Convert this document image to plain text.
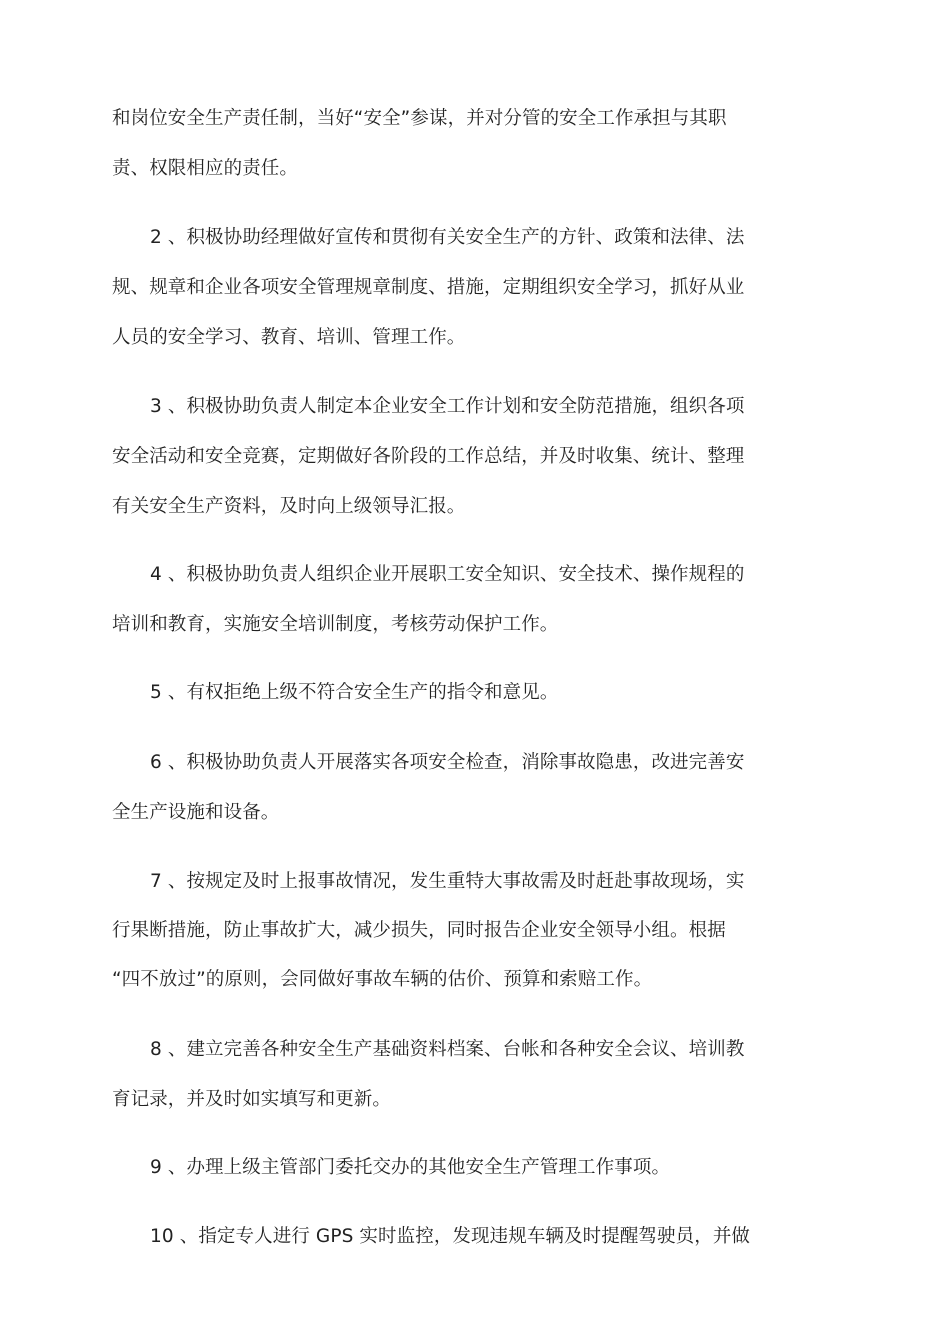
和岗位安全生产责任制，当好“安全”参谋，并对分管的安全工作承担与其职
责、权限相应的责任。
2 、积极协助经理做好宣传和贯彻有关安全生产的方针、政策和法律、法
规、规章和企业各项安全管理规章制度、措施，定期组织安全学习，抓好从业
人员的安全学习、教育、培训、管理工作。
3 、积极协助负责人制定本企业安全工作计划和安全防范措施，组织各项
安全活动和安全竞赛，定期做好各阶段的工作总结，并及时收集、统计、整理
有关安全生产资料，及时向上级领导汇报。
4 、积极协助负责人组织企业开展职工安全知识、安全技术、操作规程的
培训和教育，实施安全培训制度，考核劳动保护工作。
5 、有权拒绝上级不符合安全生产的指令和意见。
6 、积极协助负责人开展落实各项安全检查，消除事故隐患，改进完善安
全生产设施和设备。
7 、按规定及时上报事故情况，发生重特大事故需及时赶赴事故现场，实
行果断措施，防止事故扩大，减少损失，同时报告企业安全领导小组。根据
“四不放过”的原则，会同做好事故车辆的估价、预算和索赔工作。
8 、建立完善各种安全生产基础资料档案、台帐和各种安全会议、培训教
育记录，并及时如实填写和更新。
9 、办理上级主管部门委托交办的其他安全生产管理工作事项。
10 、指定专人进行 GPS 实时监控，发现违规车辆及时提醒驾驶员，并做
